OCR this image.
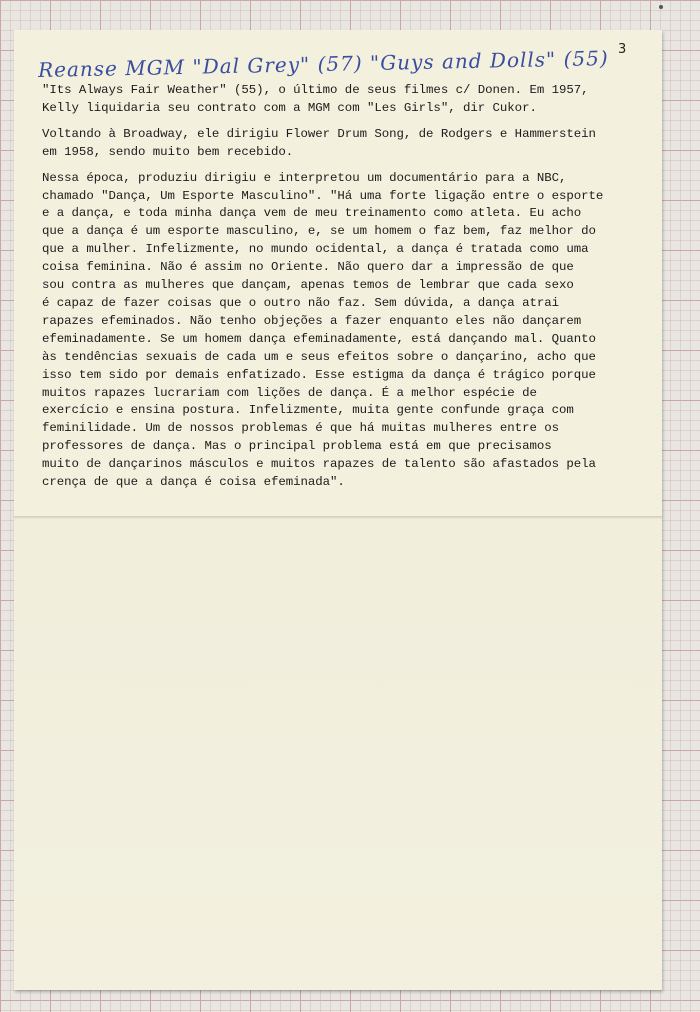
Reanse MGM "Dal Grey" (57) "Guys and Dolls" (55) 3
"Its Always Fair Weather" (55), o último de seus filmes c/ Donen. Em 1957,
Kelly liquidaria seu contrato com a MGM com "Les Girls", dir Cukor.
Voltando à Broadway, ele dirigiu Flower Drum Song, de Rodgers e Hammerstein
em 1958, sendo muito bem recebido.
Nessa época, produziu dirigiu e interpretou um documentário para a NBC,
chamado "Dança, Um Esporte Masculino". "Há uma forte ligação entre o esporte
e a dança, e toda minha dança vem de meu treinamento como atleta. Eu acho
que a dança é um esporte masculino, e, se um homem o faz bem, faz melhor do
que a mulher. Infelizmente, no mundo ocidental, a dança é tratada como uma
coisa feminina. Não é assim no Oriente. Não quero dar a impressão de que
sou contra as mulheres que dançam, apenas temos de lembrar que cada sexo
é capaz de fazer coisas que o outro não faz. Sem dúvida, a dança atrai
rapazes efeminados. Não tenho objeções a fazer enquanto eles não dançarem
efeminadamente. Se um homem dança efeminadamente, está dançando mal. Quanto
às tendências sexuais de cada um e seus efeitos sobre o dançarino, acho que
isso tem sido por demais enfatizado. Esse estigma da dança é trágico porque
muitos rapazes lucrariam com lições de dança. É a melhor espécie de
exercício e ensina postura. Infelizmente, muita gente confunde graça com
feminilidade. Um de nossos problemas é que há muitas mulheres entre os
professores de dança. Mas o principal problema está em que precisamos
muito de dançarinos másculos e muitos rapazes de talento são afastados pela
crença de que a dança é coisa efeminada".
